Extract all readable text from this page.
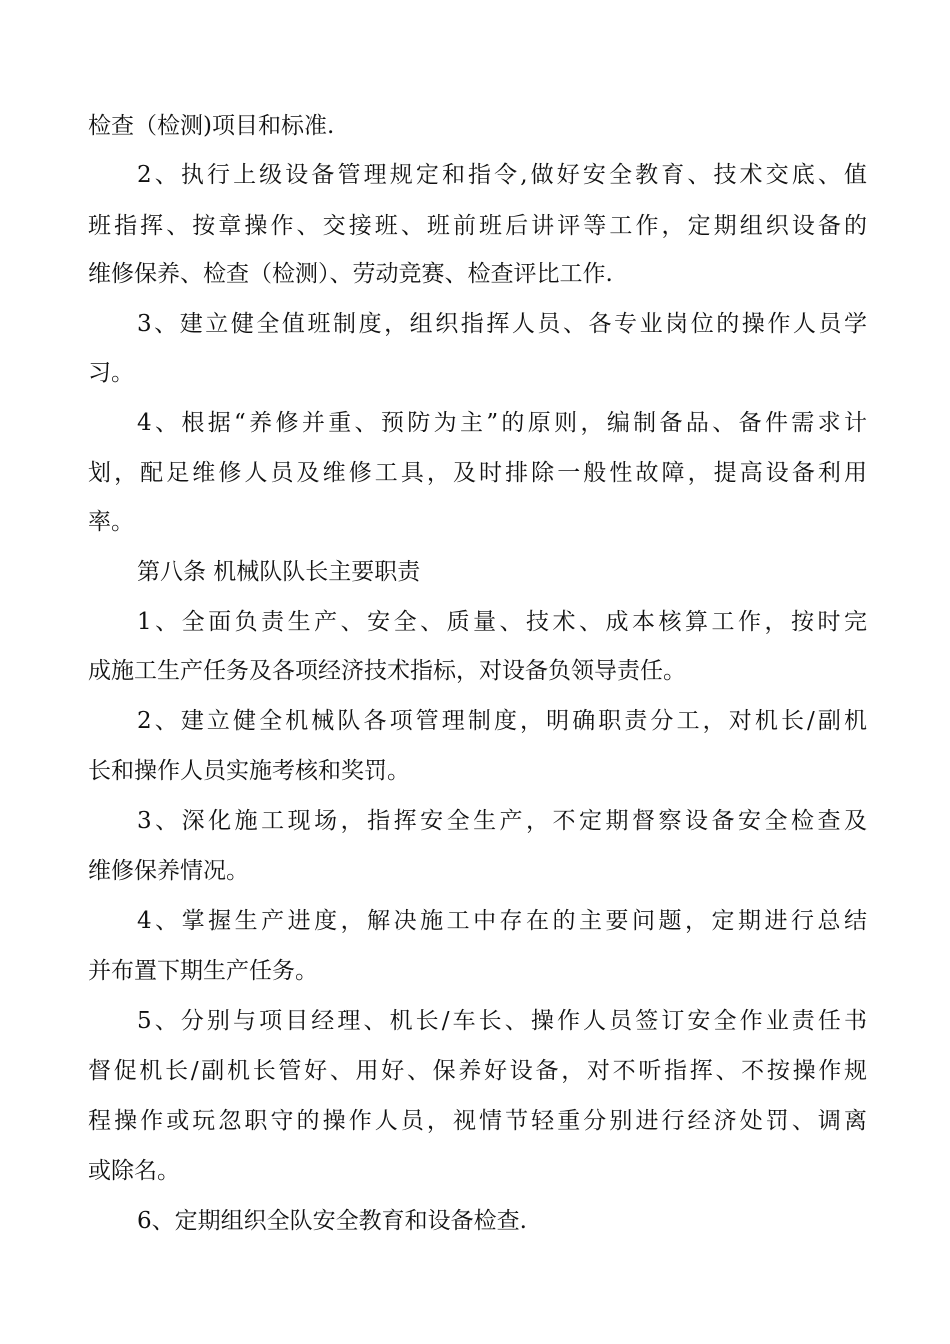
检查（检测)项目和标准.
2、执行上级设备管理规定和指令,做好安全教育、技术交底、值
班指挥、按章操作、交接班、班前班后讲评等工作，定期组织设备的
维修保养、检查（检测）、劳动竞赛、检查评比工作.
3、建立健全值班制度，组织指挥人员、各专业岗位的操作人员学
习。
4、根据“养修并重、预防为主”的原则，编制备品、备件需求计
划，配足维修人员及维修工具，及时排除一般性故障，提高设备利用
率。
第八条 机械队队长主要职责
1、全面负责生产、安全、质量、技术、成本核算工作，按时完
成施工生产任务及各项经济技术指标，对设备负领导责任。
2、建立健全机械队各项管理制度，明确职责分工，对机长/副机
长和操作人员实施考核和奖罚。
3、深化施工现场，指挥安全生产，不定期督察设备安全检查及
维修保养情况。
4、掌握生产进度，解决施工中存在的主要问题，定期进行总结
并布置下期生产任务。
5、分别与项目经理、机长/车长、操作人员签订安全作业责任书
督促机长/副机长管好、用好、保养好设备，对不听指挥、不按操作规
程操作或玩忽职守的操作人员，视情节轻重分别进行经济处罚、调离
或除名。
6、定期组织全队安全教育和设备检查.
